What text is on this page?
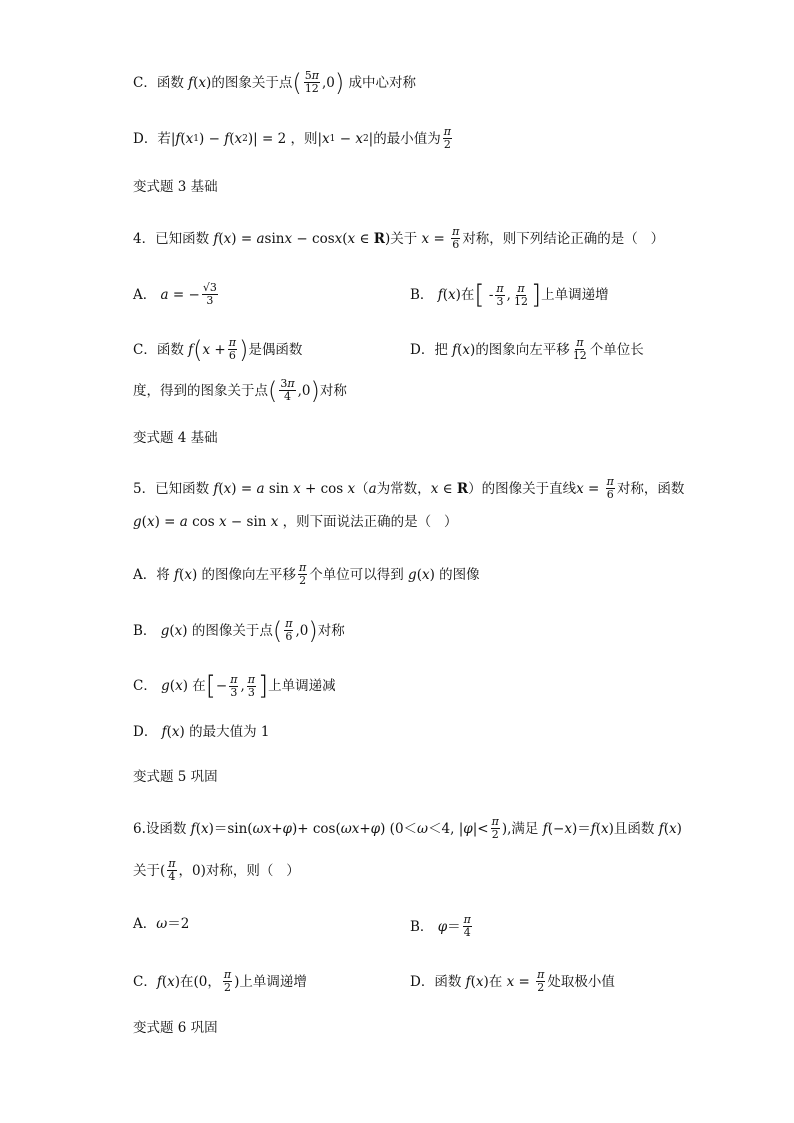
C．函数 f ( x ) 的图象关于点 ( $\frac{5\pi}{12} ,0$ ) 成中心对称
D．若 | f ( x 1 ) − f ( x 2 ) | = 2 ，则 | x 1 − x 2 | 的最小值为 $\frac{\pi}{2}$
变式题 3 基础
4．已知函数 f ( x ) = a sin x − cos x ( x ∈ R ) 关于 $x = \frac{\pi}{6}$ 对称，则下列结论正确的是（   ）
A． a = − $\frac{√3}{3}$	B． f ( x ) 在 [ - $\frac{\pi}{3}$ , $\frac{\pi}{12}$ ] 上单调递增
C．函数 f ( $x + \frac{\pi}{6}$ ) 是偶函数	D．把 f ( x ) 的图象向左平移 $\frac{\pi}{12}$ 个单位长
度，得到的图象关于点 ( $\frac{3\pi}{4} ,0$ ) 对称
变式题 4 基础
5．已知函数 f ( x ) = a sin x + cos x （ a 为常数， x ∈ R ）的图像关于直线 $x = \frac{\pi}{6}$ 对称，函数
g ( x ) = a cos x − sin x ，则下面说法正确的是（   ）
A．将 f ( x ) 的图像向左平移 $\frac{\pi}{2}$ 个单位可以得到 g ( x ) 的图像
B． g ( x ) 的图像关于点 ( $\frac{\pi}{6} ,0$ ) 对称
C． g ( x ) 在 [ − $\frac{\pi}{3}$ , $\frac{\pi}{3}$ ] 上单调递减
D． f ( x ) 的最大值为 1
变式题 5 巩固
6.设函数 f ( x )＝sin( ωx + φ )+ cos( ωx + φ ) (0＜ ω ＜4, | φ |< $\frac{\pi}{2}$ ),满足 f (− x )＝ f ( x )且函数 f ( x )
关于( $\frac{\pi}{4}$ ，0)对称，则（   ）
A． ω ＝2	B． $\varphi = \frac{\pi}{4}$
C． f ( x )在(0， $\frac{\pi}{2}$ )上单调递增	D．函数 f ( x )在 $x = \frac{\pi}{2}$ 处取极小值
变式题 6 巩固
